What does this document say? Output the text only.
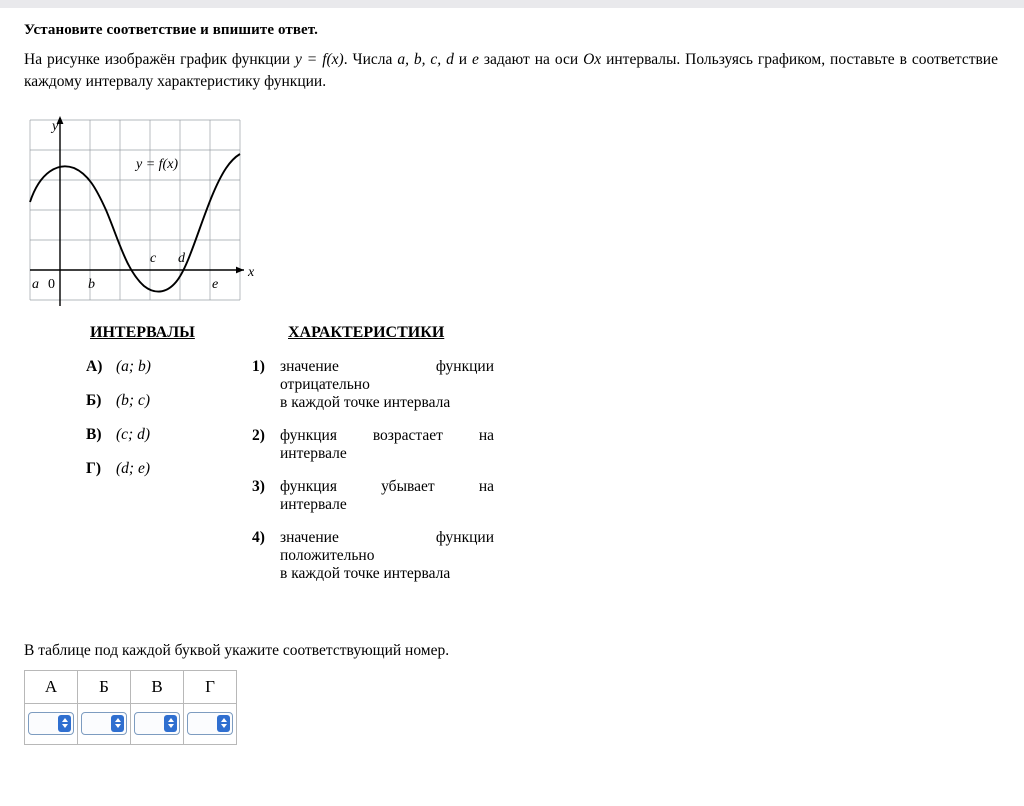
Установите соответствие и впишите ответ.
На рисунке изображён график функции y = f(x). Числа a, b, c, d и e задают на оси Ox интервалы. Пользуясь графиком, поставьте в соответствие каждому интервалу характеристику функции.
y
x
y = f(x)
a 0 b
c d
e
ИНТЕРВАЛЫ	ХАРАКТЕРИСТИКИ
А) (a; b)
Б) (b; c)
В) (c; d)
Г) (d; e)
1) значение функции
отрицательно
в каждой точке интервала
2) функция возрастает на
интервале
3) функция убывает на
интервале
4) значение функции
положительно
в каждой точке интервала
В таблице под каждой буквой укажите соответствующий номер.
А	Б	В	Г
